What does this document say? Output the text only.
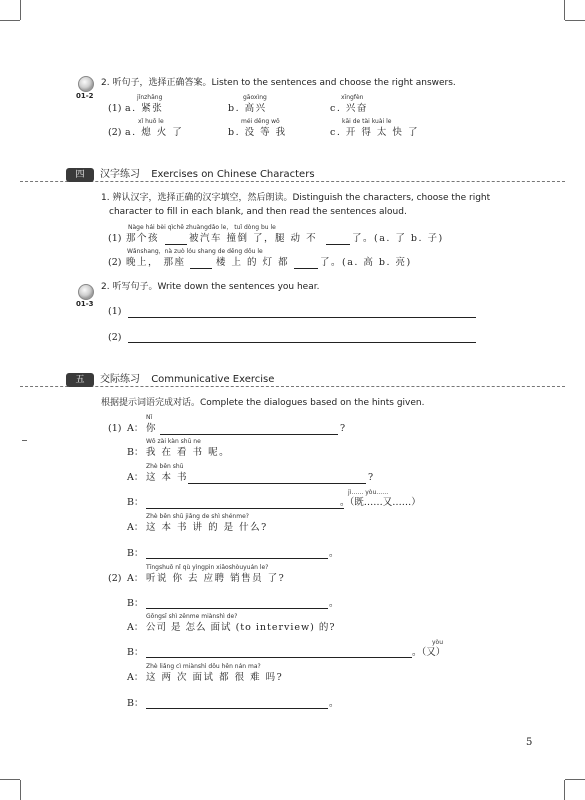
01-2
2. 听句子，选择正确答案。Listen to the sentences and choose the right answers.
jǐnzhāng	gāoxìng	xīngfèn
(1) a. 紧张	b. 高兴	c. 兴奋
xǐ huō le	méi děng wǒ	kāi de tài kuài le
(2) a. 熄 火 了	b. 没 等 我	c. 开 得 太 快 了
四	汉字练习 Exercises on Chinese Characters
1. 辨认汉字，选择正确的汉字填空，然后朗读。Distinguish the characters, choose the right
character to fill in each blank, and then read the sentences aloud.
Nàge hái bèi qìchē zhuàngdǎo le， tuǐ dòng bu le
(1) 那个孩	被汽车 撞倒 了，腿 动 不	了。(a. 了 b. 子)
Wǎnshang，nà zuò lóu shang de dēng dōu le
(2) 晚上， 那座	楼 上 的 灯 都	了。(a. 高 b. 亮)
01-3
2. 听写句子。Write down the sentences you hear.
(1)
(2)
五	交际练习 Communicative Exercise
根据提示词语完成对话。Complete the dialogues based on the hints given.
Nǐ
(1) A： 你	?
Wǒ zài kàn shū ne
B： 我 在 看 书 呢。
Zhè běn shū
A： 这 本 书	?
jì…… yòu……
B：	。（既……又……）
Zhè běn shū jiǎng de shì shénme?
A： 这 本 书 讲 的 是 什么?
B：	。
Tīngshuō nǐ qù yìngpìn xiāoshòuyuán le?
(2) A： 听说 你 去 应聘 销售员 了?
B：	。
Gōngsī shì zěnme miànshì de?
A： 公司 是 怎么 面试 (to interview) 的?
yòu
B：	。（又）
Zhè liǎng cì miànshì dōu hěn nán ma?
A： 这 两 次 面试 都 很 难 吗?
B：	。
5
